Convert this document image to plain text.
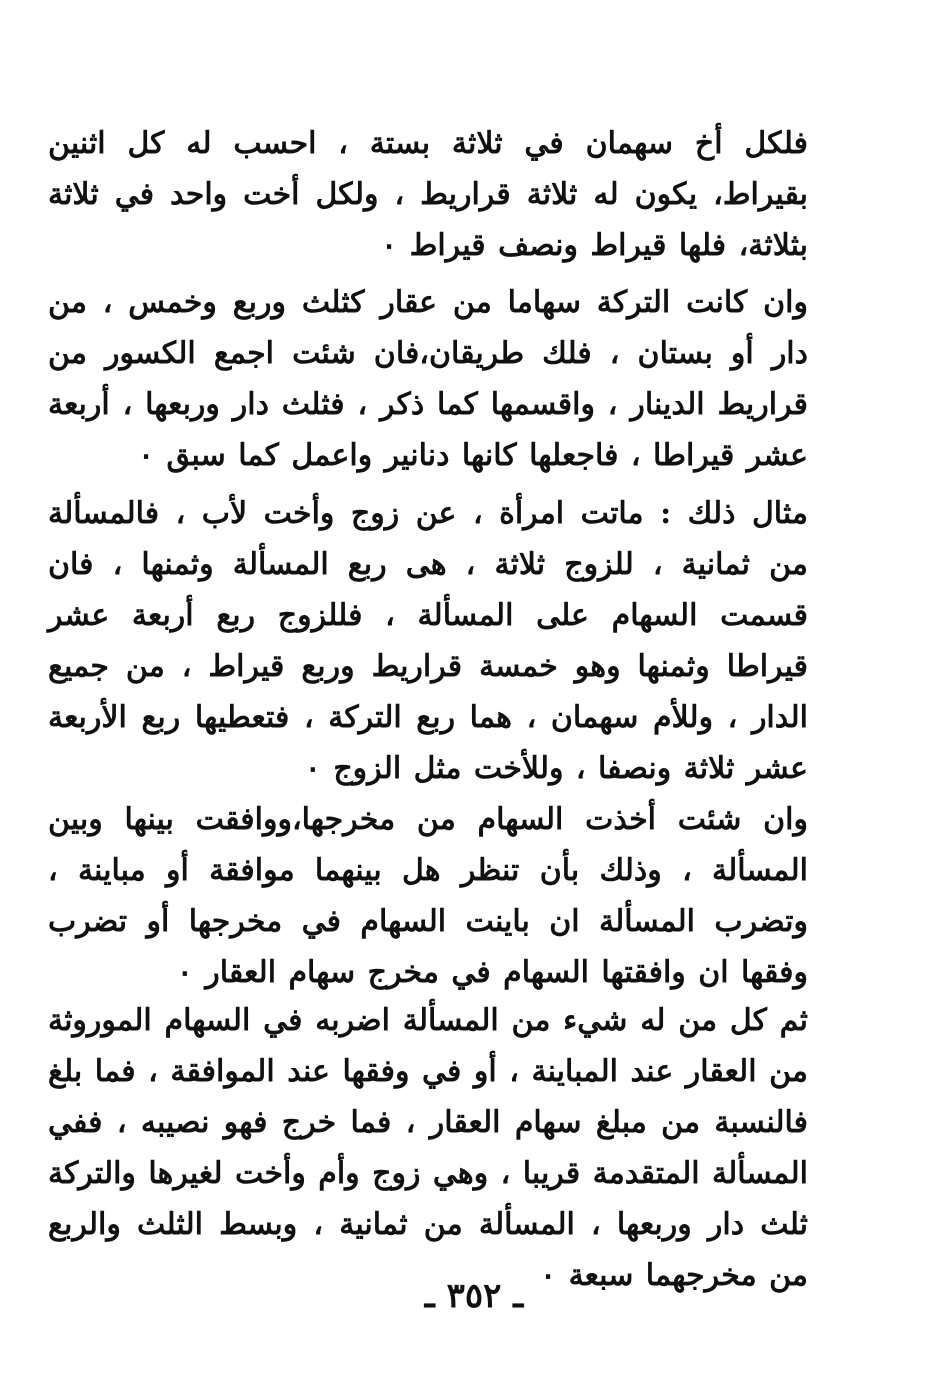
فلكل أخ سهمان في ثلاثة بستة ، احسب له كل اثنين بقيراط، يكون له ثلاثة قراريط ، ولكل أخت واحد في ثلاثة بثلاثة، فلها قيراط ونصف قيراط ٠

وان كانت التركة سهاما من عقار كثلث وربع وخمس ، من دار أو بستان ، فلك طريقان،فان شئت اجمع الكسور من قراريط الدينار ، واقسمها كما ذكر ، فثلث دار وربعها ، أربعة عشر قيراطا ، فاجعلها كانها دنانير واعمل كما سبق ٠

مثال ذلك : ماتت امرأة ، عن زوج وأخت لأب ، فالمسألة من ثمانية ، للزوج ثلاثة ، هى ربع المسألة وثمنها ، فان قسمت السهام على المسألة ، فللزوج ربع أربعة عشر قيراطا وثمنها وهو خمسة قراريط وربع قيراط ، من جميع الدار ، وللأم سهمان ، هما ربع التركة ، فتعطيها ربع الأربعة عشر ثلاثة ونصفا ، وللأخت مثل الزوج ٠

وان شئت أخذت السهام من مخرجها،ووافقت بينها وبين المسألة ، وذلك بأن تنظر هل بينهما موافقة أو مباينة ، وتضرب المسألة ان باينت السهام في مخرجها أو تضرب وفقها ان وافقتها السهام في مخرج سهام العقار ٠

ثم كل من له شيء من المسألة اضربه في السهام الموروثة من العقار عند المباينة ، أو في وفقها عند الموافقة ، فما بلغ فالنسبة من مبلغ سهام العقار ، فما خرج فهو نصيبه ، ففي المسألة المتقدمة قريبا ، وهي زوج وأم وأخت لغيرها والتركة ثلث دار وربعها ، المسألة من ثمانية ، وبسط الثلث والربع من مخرجهما سبعة ٠

ـ ٣٥٢ ـ
